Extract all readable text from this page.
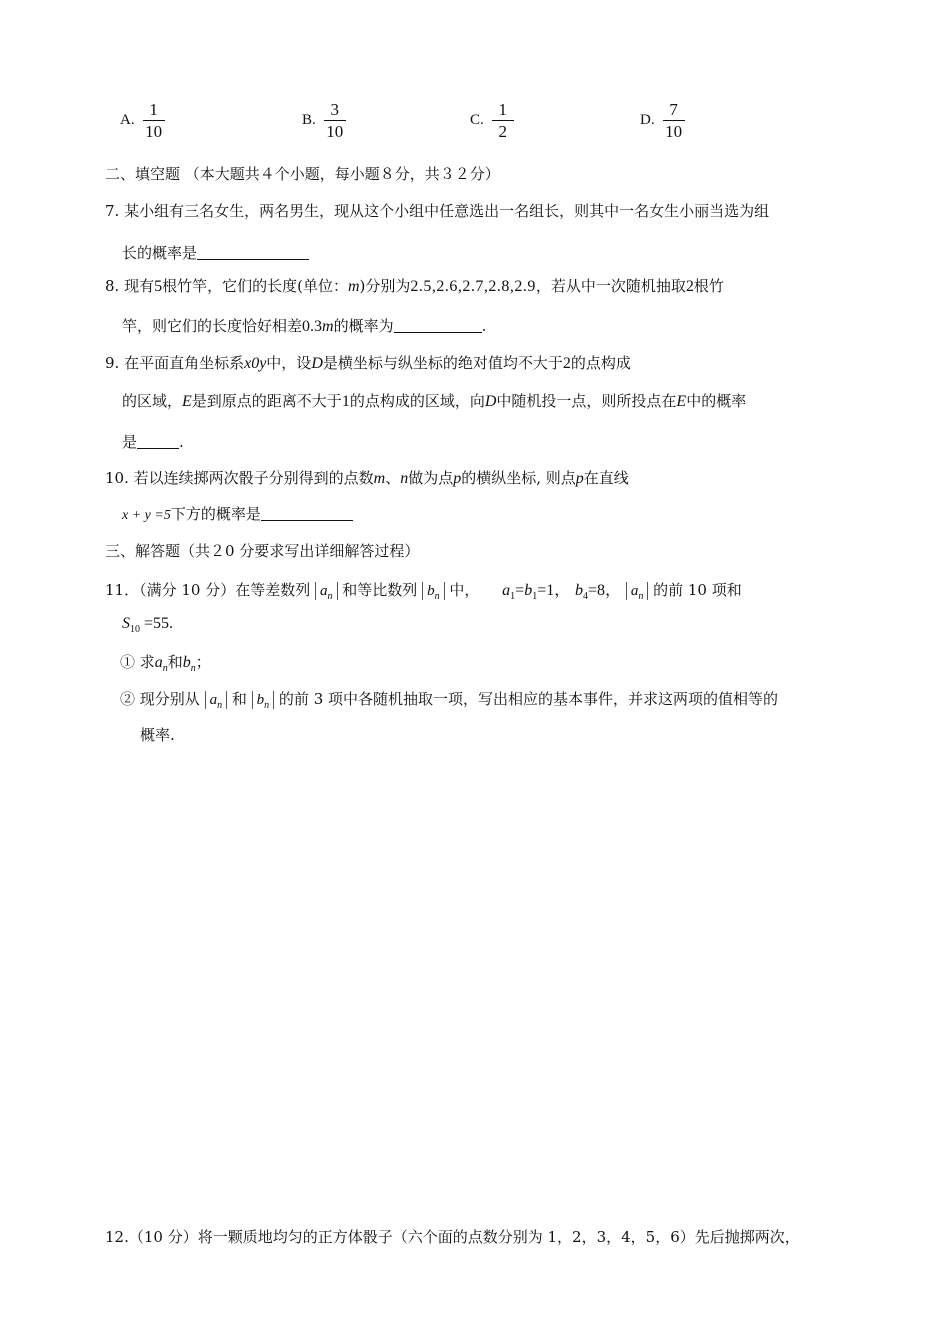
A. $\frac{1}{10}$	B. $\frac{3}{10}$	C. $\frac{1}{2}$	D. $\frac{7}{10}$
二、填空题 （本大题共４个小题，每小题８分，共３２分）
7. 某小组有三名女生，两名男生，现从这个小组中任意选出一名组长，则其中一名女生小丽当选为组
长的概率是
8. 现有5根竹竿，它们的长度(单位：m)分别为2.5,2.6,2.7,2.8,2.9，若从中一次随机抽取2根竹
竿，则它们的长度恰好相差0.3m的概率为	.
9. 在平面直角坐标系x0y中，设D是横坐标与纵坐标的绝对值均不大于2的点构成
的区域，E是到原点的距离不大于1的点构成的区域，向D中随机投一点，则所投点在E中的概率
是	.
10. 若以连续掷两次骰子分别得到的点数m、n做为点p的横纵坐标, 则点p在直线
x + y =5下方的概率是
三、解答题（共２0 分要求写出详细解答过程）
11．（满分 10 分）在等差数列 $a_n$ 和等比数列 $b_n$ 中， $a_1=b_1=1$， $b_4=8$， $a_n$ 的前 10 项和
$S_{10} =55$.
① 求$a_n$和$b_n$；
② 现分别从 $a_n$ 和 $b_n$ 的前 3 项中各随机抽取一项，写出相应的基本事件，并求这两项的值相等的
概率.
12.（10 分）将一颗质地均匀的正方体骰子（六个面的点数分别为 1，2，3，4，5，6）先后抛掷两次，
